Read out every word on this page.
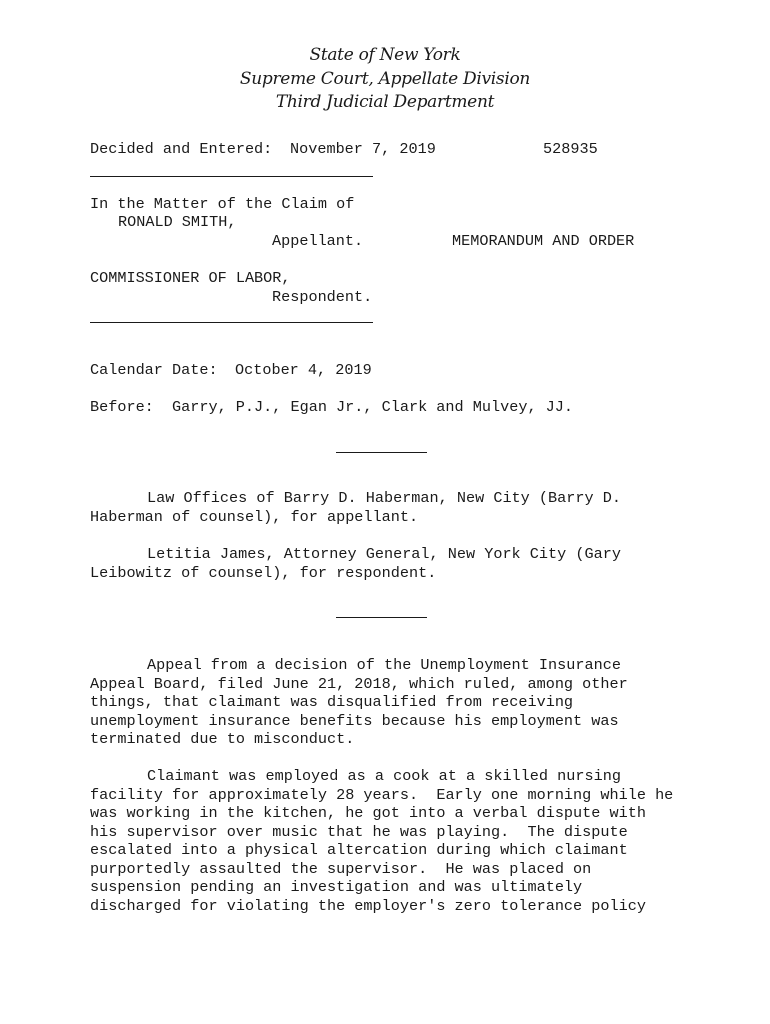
State of New York
Supreme Court, Appellate Division
Third Judicial Department
Decided and Entered: November 7, 2019	528935
In the Matter of the Claim of
RONALD SMITH,
Appellant.	MEMORANDUM AND ORDER
COMMISSIONER OF LABOR,
Respondent.
Calendar Date: October 4, 2019
Before: Garry, P.J., Egan Jr., Clark and Mulvey, JJ.
Law Offices of Barry D. Haberman, New City (Barry D.
Haberman of counsel), for appellant.
Letitia James, Attorney General, New York City (Gary
Leibowitz of counsel), for respondent.
Appeal from a decision of the Unemployment Insurance
Appeal Board, filed June 21, 2018, which ruled, among other
things, that claimant was disqualified from receiving
unemployment insurance benefits because his employment was
terminated due to misconduct.
Claimant was employed as a cook at a skilled nursing
facility for approximately 28 years.  Early one morning while he
was working in the kitchen, he got into a verbal dispute with
his supervisor over music that he was playing.  The dispute
escalated into a physical altercation during which claimant
purportedly assaulted the supervisor.  He was placed on
suspension pending an investigation and was ultimately
discharged for violating the employer's zero tolerance policy
